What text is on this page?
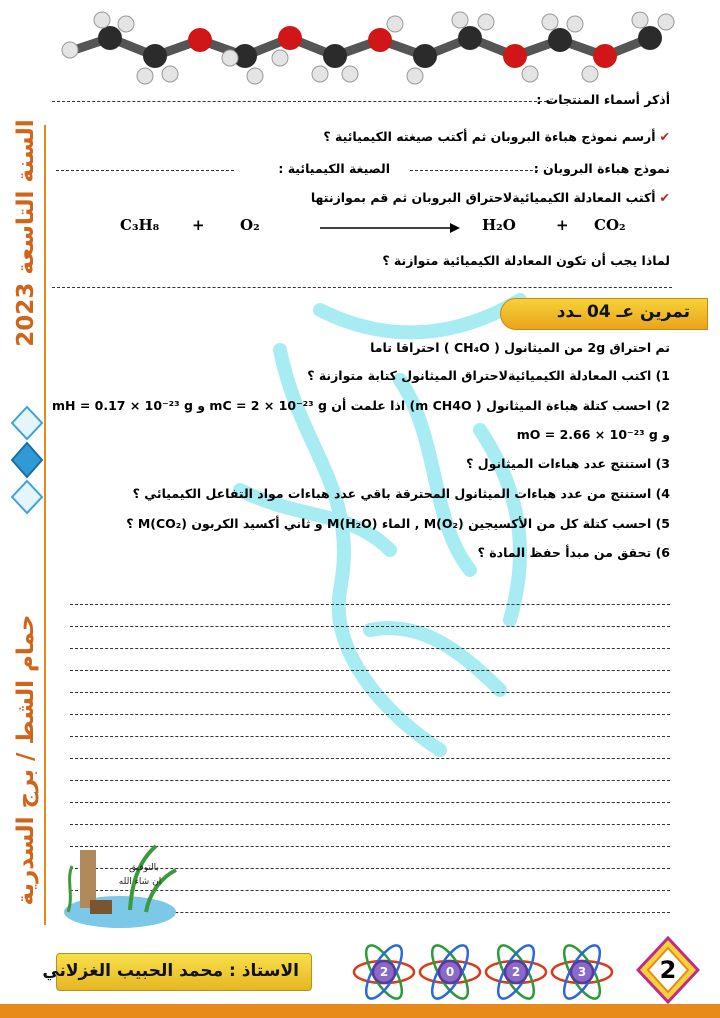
السنة التاسعة 2023
حمام الشط / برج السدرية
أذكر أسماء المنتجات :
✔أرسم نموذج هباءة البروبان ثم أكتب صيغته الكيميائية ؟
نموذج هباءة البروبان :
الصيغة الكيميائية :
✔أكتب المعادلة الكيميائيةلاحتراق البروبان ثم قم بموازنتها
C₃H₈ + O₂	H₂O	+ CO₂
لماذا يجب أن تكون المعادلة الكيميائية متوازنة ؟
تمرين عـ 04 ـدد
تم احتراق 2g من الميثانول ( CH₄O ) احتراقا تاما
1) اكتب المعادلة الكيميائيةلاحتراق الميثانول كتابة متوازنة ؟
2) احسب كتلة هباءة الميثانول ( m CH4O) اذا علمت أن mC = 2 × 10⁻²³ g و mH = 0.17 × 10⁻²³ g
و mO = 2.66 × 10⁻²³ g
3) استنتج عدد هباءات الميثانول ؟
4) استنتج من عدد هباءات الميثانول المحترقة باقي عدد هباءات مواد التفاعل الكيميائي ؟
5) احسب كتلة كل من الأكسيجين (M(O₂ , الماء (M(H₂O و ثاني أكسيد الكربون (M(CO₂ ؟
6) تحقق من مبدأ حفظ المادة ؟
بالتوفيق
ان شاء الله
الاستاذ : محمد الحبيب الغزلاني	2	0	2	3	2
